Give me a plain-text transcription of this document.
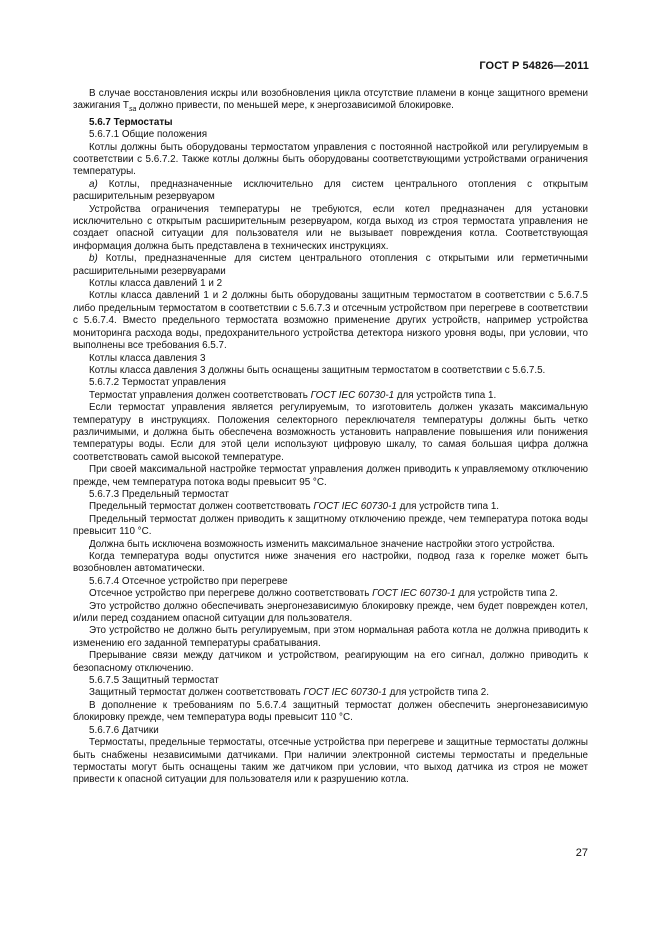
ГОСТ Р 54826—2011
В случае восстановления искры или возобновления цикла отсутствие пламени в конце защитного времени зажигания $T_{sa}$ должно привести, по меньшей мере, к энергозависимой блокировке.
5.6.7 Термостаты
5.6.7.1 Общие положения
Котлы должны быть оборудованы термостатом управления с постоянной настройкой или регулируемым в соответствии с 5.6.7.2. Также котлы должны быть оборудованы соответствующими устройствами ограничения температуры.
а) Котлы, предназначенные исключительно для систем центрального отопления с открытым расширительным резервуаром
Устройства ограничения температуры не требуются, если котел предназначен для установки исключительно с открытым расширительным резервуаром, когда выход из строя термостата управления не создает опасной ситуации для пользователя или не вызывает повреждения котла. Соответствующая информация должна быть представлена в технических инструкциях.
b) Котлы, предназначенные для систем центрального отопления с открытыми или герметичными расширительными резервуарами
Котлы класса давлений 1 и 2
Котлы класса давлений 1 и 2 должны быть оборудованы защитным термостатом в соответствии с 5.6.7.5 либо предельным термостатом в соответствии с 5.6.7.3 и отсечным устройством при перегреве в соответствии с 5.6.7.4. Вместо предельного термостата возможно применение других устройств, например устройства мониторинга расхода воды, предохранительного устройства детектора низкого уровня воды, при условии, что выполнены все требования 6.5.7.
Котлы класса давления 3
Котлы класса давления 3 должны быть оснащены защитным термостатом в соответствии с 5.6.7.5.
5.6.7.2 Термостат управления
Термостат управления должен соответствовать ГОСТ IEC 60730-1 для устройств типа 1.
Если термостат управления является регулируемым, то изготовитель должен указать максимальную температуру в инструкциях. Положения селекторного переключателя температуры должны быть четко различимыми, и должна быть обеспечена возможность установить направление повышения или понижения температуры воды. Если для этой цели используют цифровую шкалу, то самая большая цифра должна соответствовать самой высокой температуре.
При своей максимальной настройке термостат управления должен приводить к управляемому отключению прежде, чем температура потока воды превысит 95 °С.
5.6.7.3 Предельный термостат
Предельный термостат должен соответствовать ГОСТ IEC 60730-1 для устройств типа 1.
Предельный термостат должен приводить к защитному отключению прежде, чем температура потока воды превысит 110 °С.
Должна быть исключена возможность изменить максимальное значение настройки этого устройства.
Когда температура воды опустится ниже значения его настройки, подвод газа к горелке может быть возобновлен автоматически.
5.6.7.4 Отсечное устройство при перегреве
Отсечное устройство при перегреве должно соответствовать ГОСТ IEC 60730-1 для устройств типа 2.
Это устройство должно обеспечивать энергонезависимую блокировку прежде, чем будет поврежден котел, и/или перед созданием опасной ситуации для пользователя.
Это устройство не должно быть регулируемым, при этом нормальная работа котла не должна приводить к изменению его заданной температуры срабатывания.
Прерывание связи между датчиком и устройством, реагирующим на его сигнал, должно приводить к безопасному отключению.
5.6.7.5 Защитный термостат
Защитный термостат должен соответствовать ГОСТ IEC 60730-1 для устройств типа 2.
В дополнение к требованиям по 5.6.7.4 защитный термостат должен обеспечить энергонезависимую блокировку прежде, чем температура воды превысит 110 °С.
5.6.7.6 Датчики
Термостаты, предельные термостаты, отсечные устройства при перегреве и защитные термостаты должны быть снабжены независимыми датчиками. При наличии электронной системы термостаты и предельные термостаты могут быть оснащены таким же датчиком при условии, что выход датчика из строя не может привести к опасной ситуации для пользователя или к разрушению котла.
27
